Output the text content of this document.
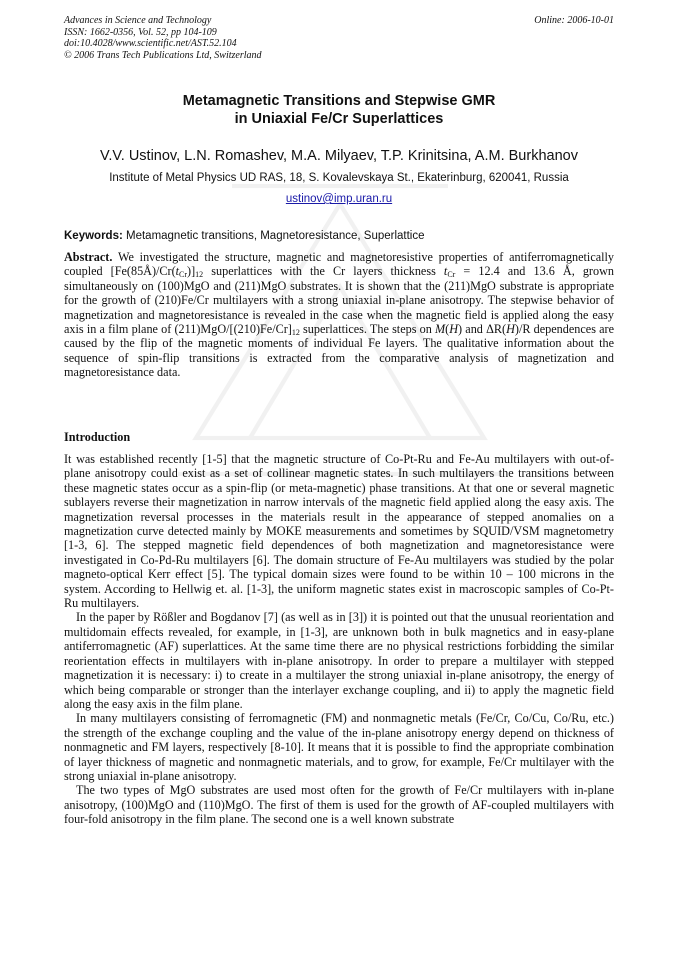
Advances in Science and Technology
ISSN: 1662-0356, Vol. 52, pp 104-109
doi:10.4028/www.scientific.net/AST.52.104
© 2006 Trans Tech Publications Ltd, Switzerland
Online: 2006-10-01
Metamagnetic Transitions and Stepwise GMR
in Uniaxial Fe/Cr Superlattices
V.V. Ustinov, L.N. Romashev, M.A. Milyaev, T.P. Krinitsina, A.M. Burkhanov
Institute of Metal Physics UD RAS, 18, S. Kovalevskaya St., Ekaterinburg, 620041, Russia
ustinov@imp.uran.ru
Keywords: Metamagnetic transitions, Magnetoresistance, Superlattice
Abstract. We investigated the structure, magnetic and magnetoresistive properties of antiferromagnetically coupled $[Fe(85Å)/Cr(t_{Cr})]_{12}$ superlattices with the Cr layers thickness $t_{Cr} = 12.4$ and 13.6 Å, grown simultaneously on (100)MgO and (211)MgO substrates. It is shown that the (211)MgO substrate is appropriate for the growth of (210)Fe/Cr multilayers with a strong uniaxial in-plane anisotropy. The stepwise behavior of magnetization and magnetoresistance is revealed in the case when the magnetic field is applied along the easy axis in a film plane of $(211)MgO/[(210)Fe/Cr]_{12}$ superlattices. The steps on M(H) and ΔR(H)/R dependences are caused by the flip of the magnetic moments of individual Fe layers. The qualitative information about the sequence of spin-flip transitions is extracted from the comparative analysis of magnetization and magnetoresistance data.
Introduction

It was established recently [1-5] that the magnetic structure of Co-Pt-Ru and Fe-Au multilayers with out-of-plane anisotropy could exist as a set of collinear magnetic states. In such multilayers the transitions between these magnetic states occur as a spin-flip (or meta-magnetic) phase transitions. At that one or several magnetic sublayers reverse their magnetization in narrow intervals of the magnetic field applied along the easy axis. The magnetization reversal processes in the materials result in the appearance of stepped anomalies on a magnetization curve detected mainly by MOKE measurements and sometimes by SQUID/VSM magnetometry [1-3, 6]. The stepped magnetic field dependences of both magnetization and magnetoresistance were investigated in Co-Pd-Ru multilayers [6]. The domain structure of Fe-Au multilayers was studied by the polar magneto-optical Kerr effect [5]. The typical domain sizes were found to be within 10 – 100 microns in the system. According to Hellwig et. al. [1-3], the uniform magnetic states exist in macroscopic samples of Co-Pt-Ru multilayers.

In the paper by Rößler and Bogdanov [7] (as well as in [3]) it is pointed out that the unusual reorientation and multidomain effects revealed, for example, in [1-3], are unknown both in bulk magnetics and in easy-plane antiferromagnetic (AF) superlattices. At the same time there are no physical restrictions forbidding the similar reorientation effects in multilayers with in-plane anisotropy. In order to prepare a multilayer with stepped magnetization it is necessary: i) to create in a multilayer the strong uniaxial in-plane anisotropy, the energy of which being comparable or stronger than the interlayer exchange coupling, and ii) to apply the magnetic field along the easy axis in the film plane.

In many multilayers consisting of ferromagnetic (FM) and nonmagnetic metals (Fe/Cr, Co/Cu, Co/Ru, etc.) the strength of the exchange coupling and the value of the in-plane anisotropy energy depend on thickness of nonmagnetic and FM layers, respectively [8-10]. It means that it is possible to find the appropriate combination of layer thickness of magnetic and nonmagnetic materials, and to grow, for example, Fe/Cr multilayer with the strong uniaxial in-plane anisotropy.

The two types of MgO substrates are used most often for the growth of Fe/Cr multilayers with in-plane anisotropy, (100)MgO and (110)MgO. The first of them is used for the growth of AF-coupled multilayers with four-fold anisotropy in the film plane. The second one is a well known substrate
